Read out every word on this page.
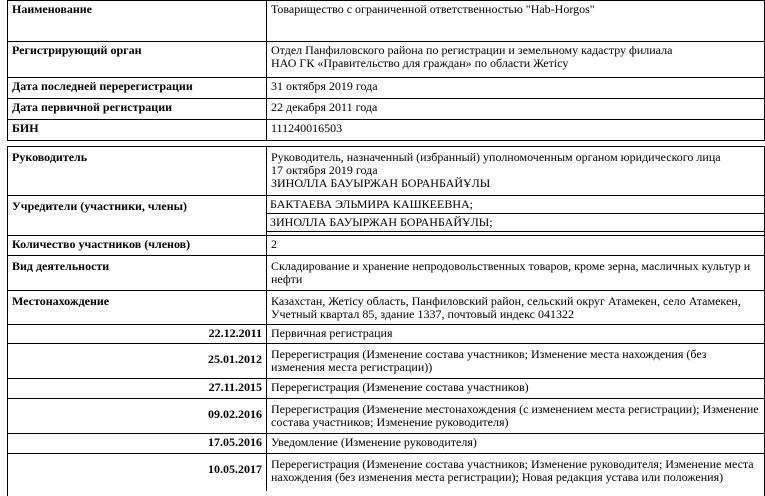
Наименование	Товарищество с ограниченной ответственностью "Hab-Horgos"
Регистрирующий орган	Отдел Панфиловского района по регистрации и земельному кадастру филиала НАО ГК «Правительство для граждан» по области Жетісу
Дата последней перерегистрации	31 октября 2019 года
Дата первичной регистрации	22 декабря 2011 года
БИН	111240016503
Руководитель	Руководитель, назначенный (избранный) уполномоченным органом юридического лица
17 октября 2019 года
ЗИНОЛЛА БАУЫРЖАН БОРАНБАЙҰЛЫ
Учредители (участники, члены)	БАКТАЕВА ЭЛЬМИРА КАШКЕЕВНА;
ЗИНОЛЛА БАУЫРЖАН БОРАНБАЙҰЛЫ;
Количество участников (членов)	2
Вид деятельности	Складирование и хранение непродовольственных товаров, кроме зерна, масличных культур и нефти
Местонахождение	Казахстан, Жетісу область, Панфиловский район, сельский округ Атамекен, село Атамекен, Учетный квартал 85, здание 1337, почтовый индекс 041322
22.12.2011 Первичная регистрация
25.01.2012 Перерегистрация (Изменение состава участников; Изменение места нахождения (без изменения места регистрации))
27.11.2015 Перерегистрация (Изменение состава участников)
09.02.2016 Перерегистрация (Изменение местонахождения (с изменением места регистрации); Изменение состава участников; Изменение руководителя)
17.05.2016 Уведомление (Изменение руководителя)
10.05.2017 Перерегистрация (Изменение состава участников; Изменение руководителя; Изменение места нахождения (без изменения места регистрации); Новая редакция устава или положения)
